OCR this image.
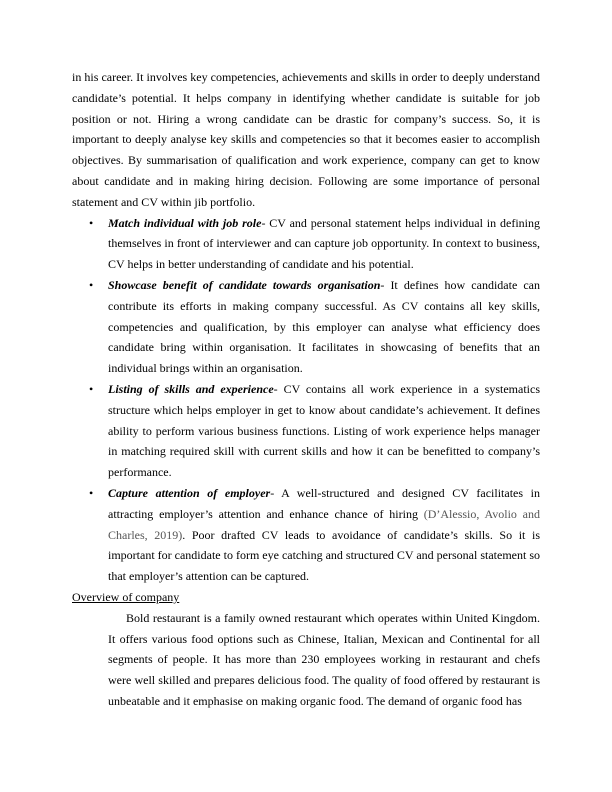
in his career. It involves key competencies, achievements and skills in order to deeply understand candidate’s potential. It helps company in identifying whether candidate is suitable for job position or not. Hiring a wrong candidate can be drastic for company’s success. So, it is important to deeply analyse key skills and competencies so that it becomes easier to accomplish objectives. By summarisation of qualification and work experience, company can get to know about candidate and in making hiring decision. Following are some importance of personal statement and CV within jib portfolio.

• Match individual with job role- CV and personal statement helps individual in defining themselves in front of interviewer and can capture job opportunity. In context to business, CV helps in better understanding of candidate and his potential.
• Showcase benefit of candidate towards organisation- It defines how candidate can contribute its efforts in making company successful. As CV contains all key skills, competencies and qualification, by this employer can analyse what efficiency does candidate bring within organisation. It facilitates in showcasing of benefits that an individual brings within an organisation.
• Listing of skills and experience- CV contains all work experience in a systematics structure which helps employer in get to know about candidate’s achievement. It defines ability to perform various business functions. Listing of work experience helps manager in matching required skill with current skills and how it can be benefitted to company’s performance.
• Capture attention of employer- A well-structured and designed CV facilitates in attracting employer’s attention and enhance chance of hiring (D’Alessio, Avolio and Charles, 2019). Poor drafted CV leads to avoidance of candidate’s skills. So it is important for candidate to form eye catching and structured CV and personal statement so that employer’s attention can be captured.

Overview of company

Bold restaurant is a family owned restaurant which operates within United Kingdom. It offers various food options such as Chinese, Italian, Mexican and Continental for all segments of people. It has more than 230 employees working in restaurant and chefs were well skilled and prepares delicious food. The quality of food offered by restaurant is unbeatable and it emphasise on making organic food. The demand of organic food has
